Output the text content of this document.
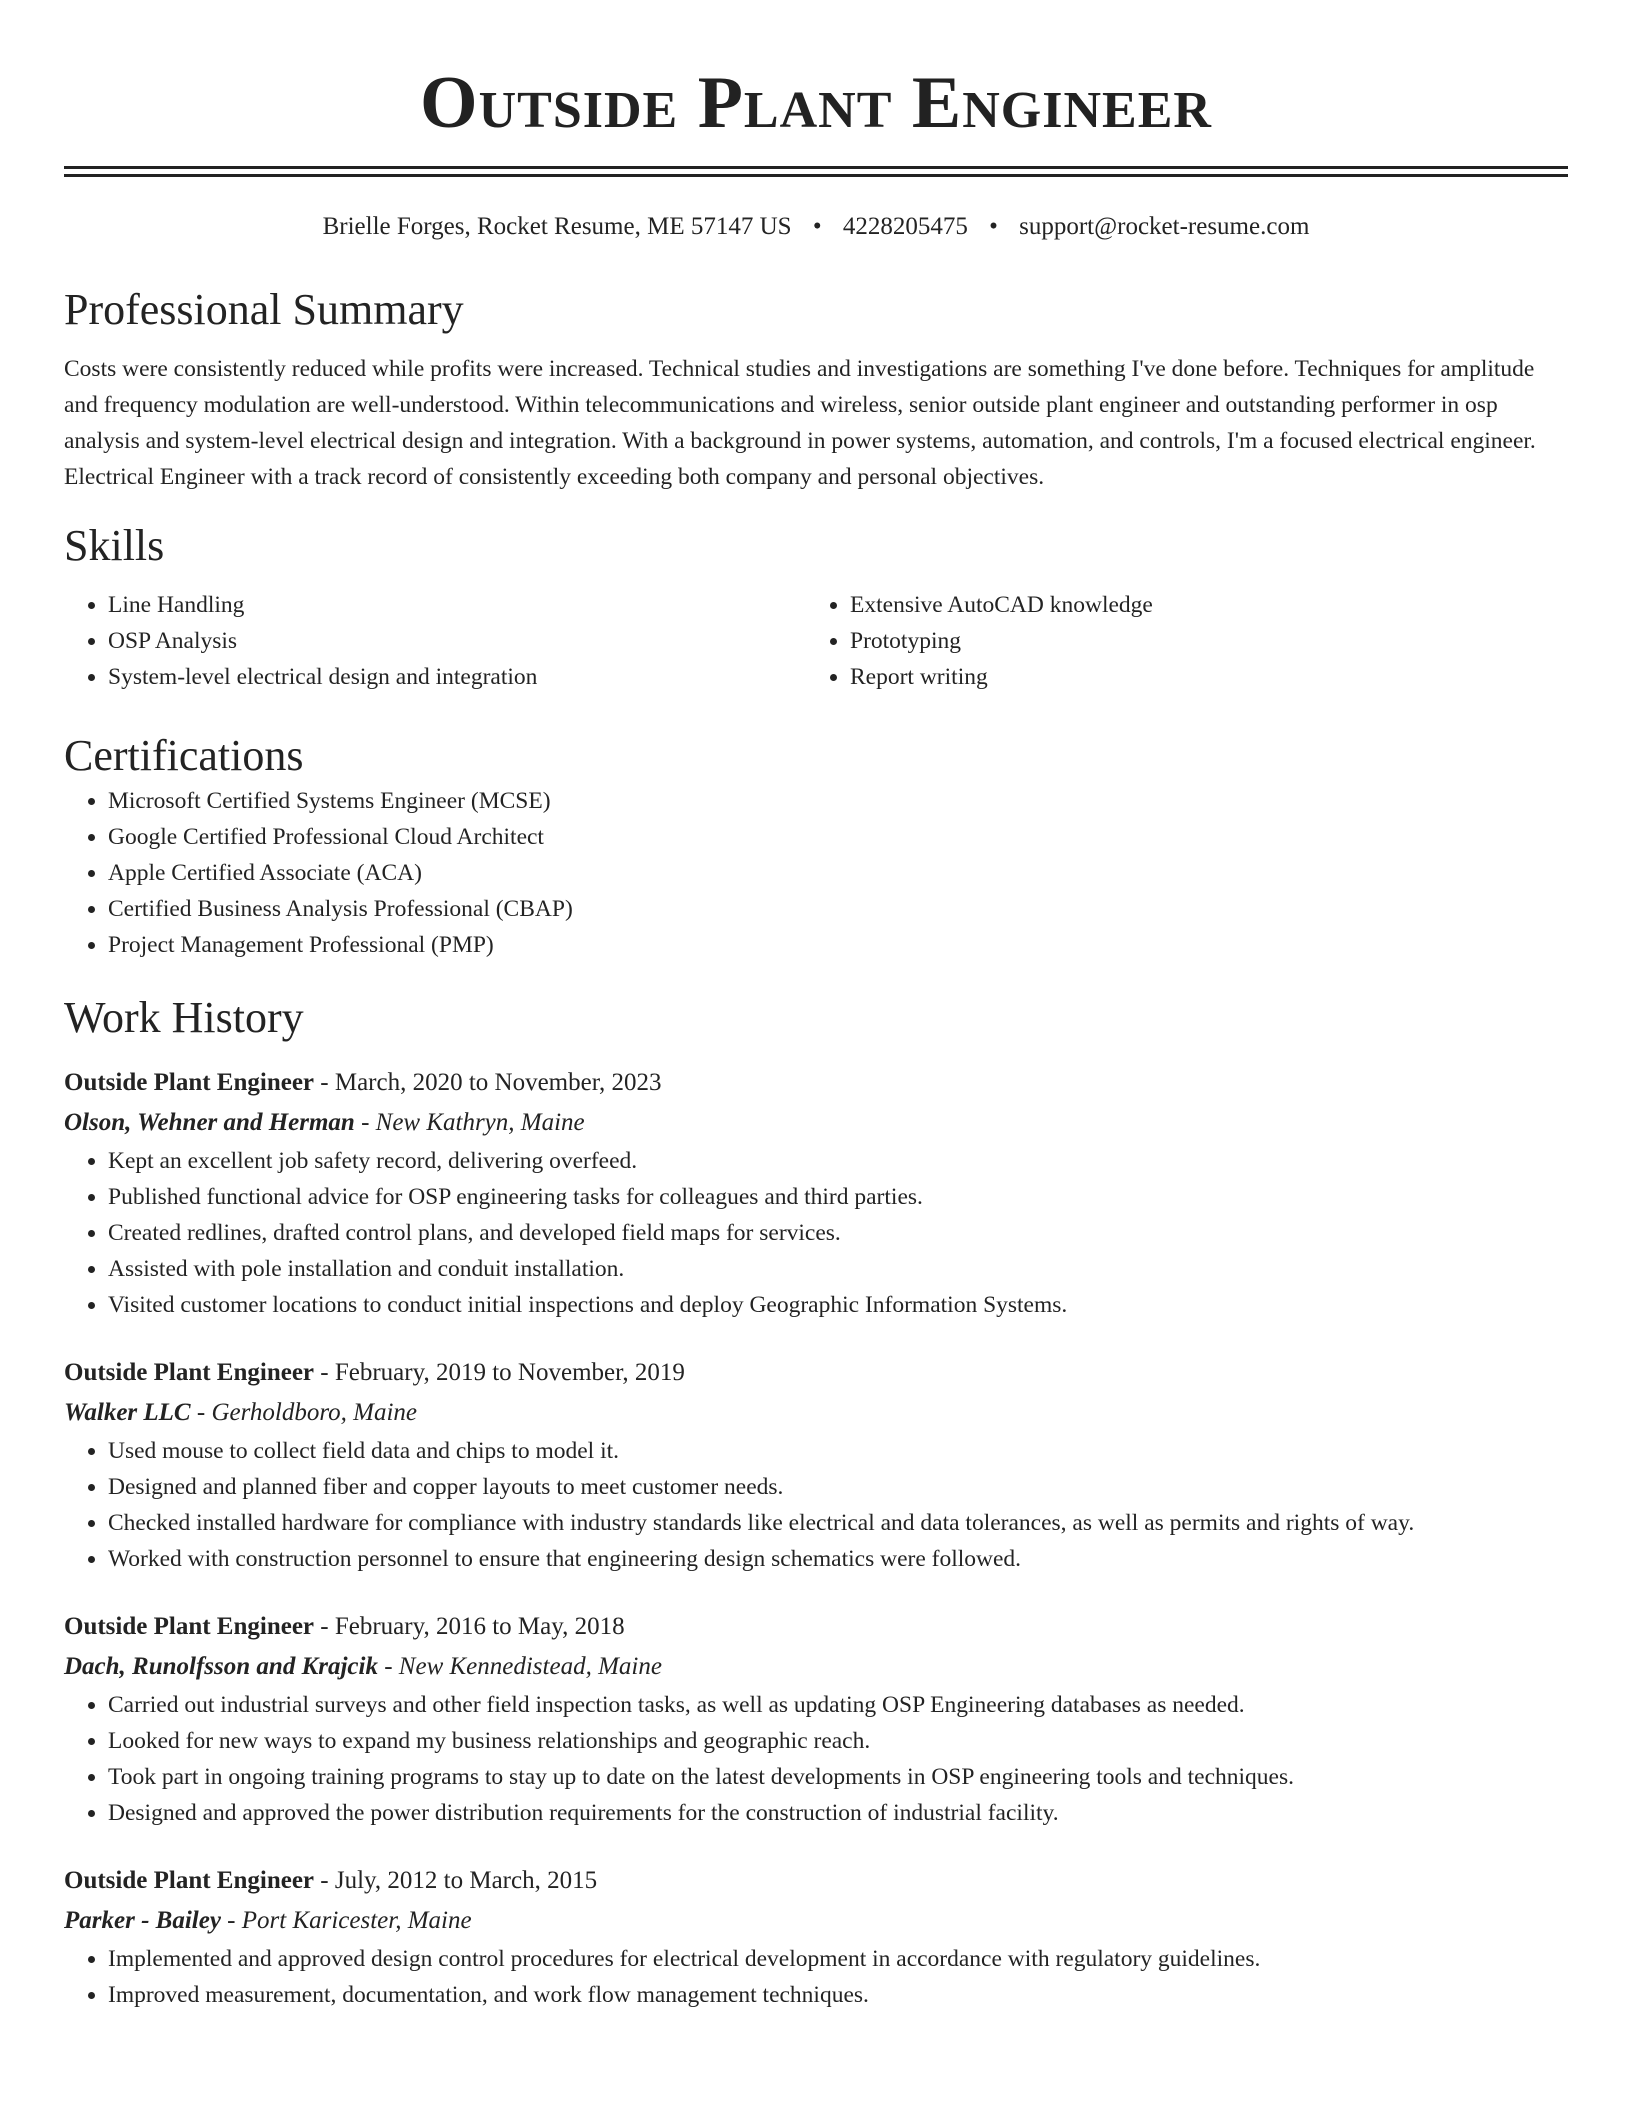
Outside Plant Engineer
Brielle Forges, Rocket Resume, ME 57147 US • 4228205475 • support@rocket-resume.com
Professional Summary

Costs were consistently reduced while profits were increased. Technical studies and investigations are something I've done before. Techniques for amplitude and frequency modulation are well-understood. Within telecommunications and wireless, senior outside plant engineer and outstanding performer in osp analysis and system-level electrical design and integration. With a background in power systems, automation, and controls, I'm a focused electrical engineer. Electrical Engineer with a track record of consistently exceeding both company and personal objectives.

Skills
• Line Handling
• OSP Analysis
• System-level electrical design and integration
• Extensive AutoCAD knowledge
• Prototyping
• Report writing
Certifications
• Microsoft Certified Systems Engineer (MCSE)
• Google Certified Professional Cloud Architect
• Apple Certified Associate (ACA)
• Certified Business Analysis Professional (CBAP)
• Project Management Professional (PMP)
Work History
Outside Plant Engineer - March, 2020 to November, 2023
Olson, Wehner and Herman - New Kathryn, Maine
• Kept an excellent job safety record, delivering overfeed.
• Published functional advice for OSP engineering tasks for colleagues and third parties.
• Created redlines, drafted control plans, and developed field maps for services.
• Assisted with pole installation and conduit installation.
• Visited customer locations to conduct initial inspections and deploy Geographic Information Systems.
Outside Plant Engineer - February, 2019 to November, 2019
Walker LLC - Gerholdboro, Maine
• Used mouse to collect field data and chips to model it.
• Designed and planned fiber and copper layouts to meet customer needs.
• Checked installed hardware for compliance with industry standards like electrical and data tolerances, as well as permits and rights of way.
• Worked with construction personnel to ensure that engineering design schematics were followed.
Outside Plant Engineer - February, 2016 to May, 2018
Dach, Runolfsson and Krajcik - New Kennedistead, Maine
• Carried out industrial surveys and other field inspection tasks, as well as updating OSP Engineering databases as needed.
• Looked for new ways to expand my business relationships and geographic reach.
• Took part in ongoing training programs to stay up to date on the latest developments in OSP engineering tools and techniques.
• Designed and approved the power distribution requirements for the construction of industrial facility.
Outside Plant Engineer - July, 2012 to March, 2015
Parker - Bailey - Port Karicester, Maine
• Implemented and approved design control procedures for electrical development in accordance with regulatory guidelines.
• Improved measurement, documentation, and work flow management techniques.
